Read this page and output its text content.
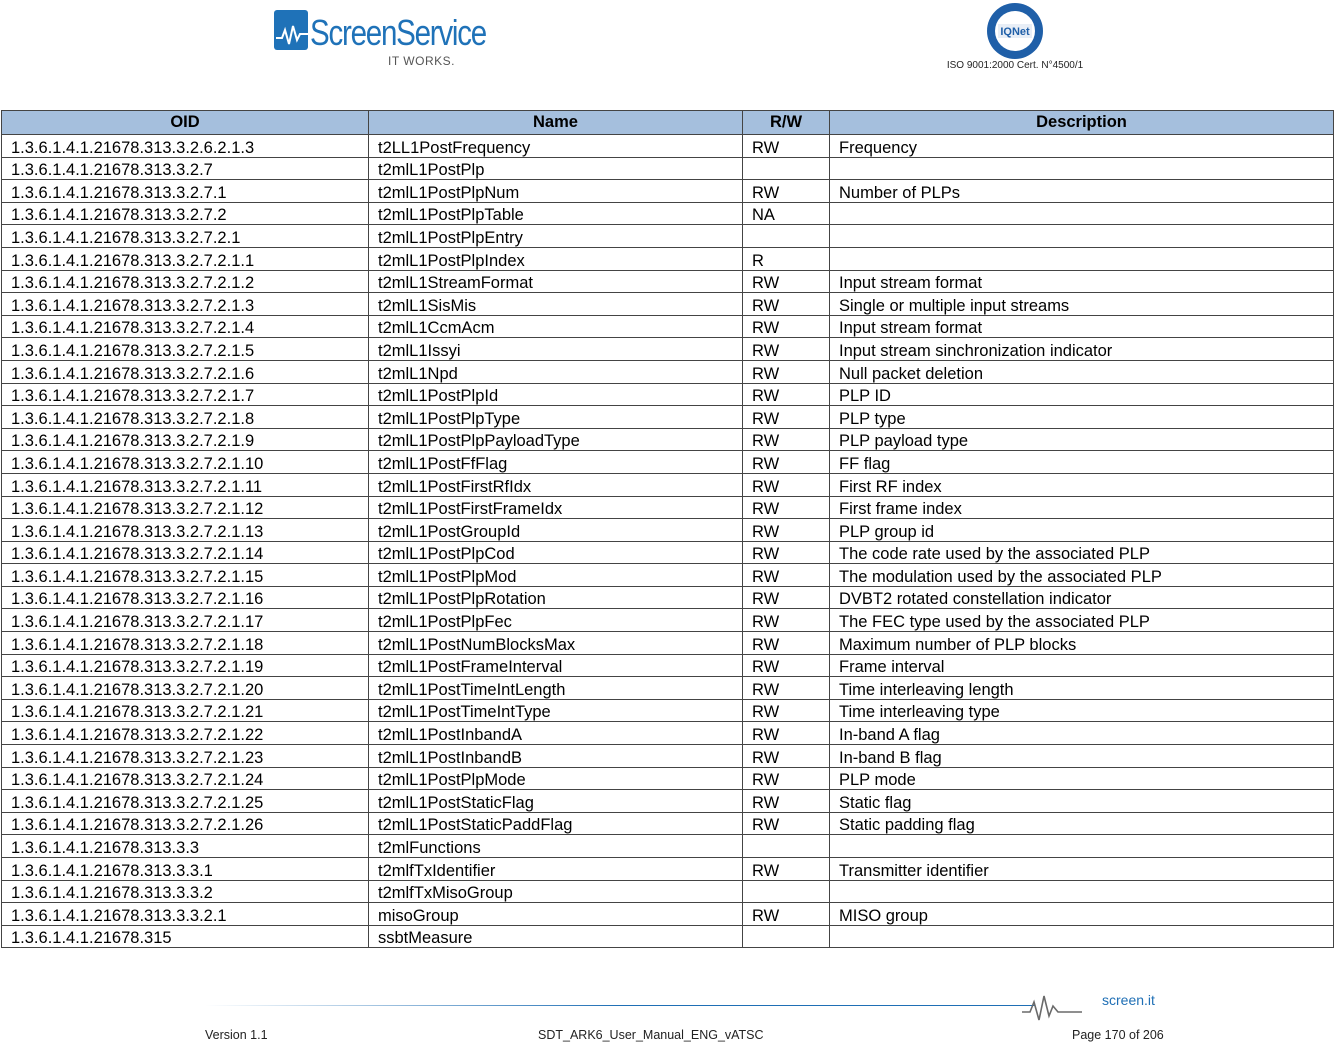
ScreenService
IT WORKS.
IQNet
ISO 9001:2000 Cert. N°4500/1
OID	Name	R/W	Description
1.3.6.1.4.1.21678.313.3.2.6.2.1.3	t2LL1PostFrequency	RW	Frequency
1.3.6.1.4.1.21678.313.3.2.7	t2mlL1PostPlp		
1.3.6.1.4.1.21678.313.3.2.7.1	t2mlL1PostPlpNum	RW	Number of PLPs
1.3.6.1.4.1.21678.313.3.2.7.2	t2mlL1PostPlpTable	NA	
1.3.6.1.4.1.21678.313.3.2.7.2.1	t2mlL1PostPlpEntry		
1.3.6.1.4.1.21678.313.3.2.7.2.1.1	t2mlL1PostPlpIndex	R	
1.3.6.1.4.1.21678.313.3.2.7.2.1.2	t2mlL1StreamFormat	RW	Input stream format
1.3.6.1.4.1.21678.313.3.2.7.2.1.3	t2mlL1SisMis	RW	Single or multiple input streams
1.3.6.1.4.1.21678.313.3.2.7.2.1.4	t2mlL1CcmAcm	RW	Input stream format
1.3.6.1.4.1.21678.313.3.2.7.2.1.5	t2mlL1Issyi	RW	Input stream sinchronization indicator
1.3.6.1.4.1.21678.313.3.2.7.2.1.6	t2mlL1Npd	RW	Null packet deletion
1.3.6.1.4.1.21678.313.3.2.7.2.1.7	t2mlL1PostPlpId	RW	PLP ID
1.3.6.1.4.1.21678.313.3.2.7.2.1.8	t2mlL1PostPlpType	RW	PLP type
1.3.6.1.4.1.21678.313.3.2.7.2.1.9	t2mlL1PostPlpPayloadType	RW	PLP payload type
1.3.6.1.4.1.21678.313.3.2.7.2.1.10	t2mlL1PostFfFlag	RW	FF flag
1.3.6.1.4.1.21678.313.3.2.7.2.1.11	t2mlL1PostFirstRfIdx	RW	First RF index
1.3.6.1.4.1.21678.313.3.2.7.2.1.12	t2mlL1PostFirstFrameIdx	RW	First frame index
1.3.6.1.4.1.21678.313.3.2.7.2.1.13	t2mlL1PostGroupId	RW	PLP group id
1.3.6.1.4.1.21678.313.3.2.7.2.1.14	t2mlL1PostPlpCod	RW	The code rate used by the associated PLP
1.3.6.1.4.1.21678.313.3.2.7.2.1.15	t2mlL1PostPlpMod	RW	The modulation used by the associated PLP
1.3.6.1.4.1.21678.313.3.2.7.2.1.16	t2mlL1PostPlpRotation	RW	DVBT2 rotated constellation indicator
1.3.6.1.4.1.21678.313.3.2.7.2.1.17	t2mlL1PostPlpFec	RW	The FEC type used by the associated PLP
1.3.6.1.4.1.21678.313.3.2.7.2.1.18	t2mlL1PostNumBlocksMax	RW	Maximum number of PLP blocks
1.3.6.1.4.1.21678.313.3.2.7.2.1.19	t2mlL1PostFrameInterval	RW	Frame interval
1.3.6.1.4.1.21678.313.3.2.7.2.1.20	t2mlL1PostTimeIntLength	RW	Time interleaving length
1.3.6.1.4.1.21678.313.3.2.7.2.1.21	t2mlL1PostTimeIntType	RW	Time interleaving type
1.3.6.1.4.1.21678.313.3.2.7.2.1.22	t2mlL1PostInbandA	RW	In-band A flag
1.3.6.1.4.1.21678.313.3.2.7.2.1.23	t2mlL1PostInbandB	RW	In-band B flag
1.3.6.1.4.1.21678.313.3.2.7.2.1.24	t2mlL1PostPlpMode	RW	PLP mode
1.3.6.1.4.1.21678.313.3.2.7.2.1.25	t2mlL1PostStaticFlag	RW	Static flag
1.3.6.1.4.1.21678.313.3.2.7.2.1.26	t2mlL1PostStaticPaddFlag	RW	Static padding flag
1.3.6.1.4.1.21678.313.3.3	t2mlFunctions		
1.3.6.1.4.1.21678.313.3.3.1	t2mlfTxIdentifier	RW	Transmitter identifier
1.3.6.1.4.1.21678.313.3.3.2	t2mlfTxMisoGroup		
1.3.6.1.4.1.21678.313.3.3.2.1	misoGroup	RW	MISO group
1.3.6.1.4.1.21678.315	ssbtMeasure		
screen.it
Version 1.1	SDT_ARK6_User_Manual_ENG_vATSC	Page 170 of 206
